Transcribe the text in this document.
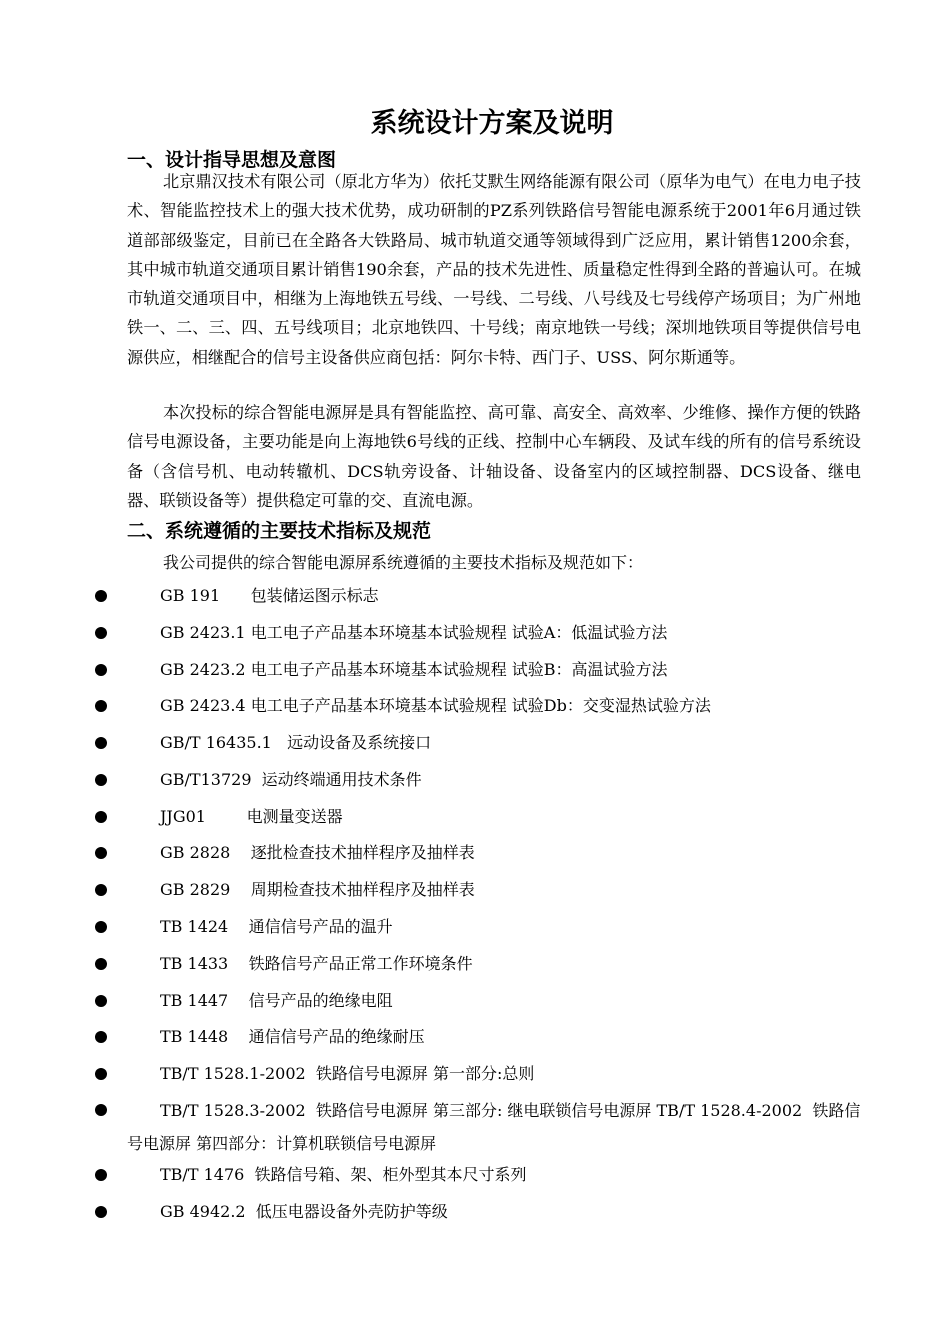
系统设计方案及说明
一、设计指导思想及意图

北京鼎汉技术有限公司（原北方华为）依托艾默生网络能源有限公司（原华为电气）在电力电子技术、智能监控技术上的强大技术优势，成功研制的PZ系列铁路信号智能电源系统于2001年6月通过铁道部部级鉴定，目前已在全路各大铁路局、城市轨道交通等领域得到广泛应用，累计销售1200余套，其中城市轨道交通项目累计销售190余套，产品的技术先进性、质量稳定性得到全路的普遍认可。在城市轨道交通项目中，相继为上海地铁五号线、一号线、二号线、八号线及七号线停产场项目；为广州地铁一、二、三、四、五号线项目；北京地铁四、十号线；南京地铁一号线；深圳地铁项目等提供信号电源供应，相继配合的信号主设备供应商包括：阿尔卡特、西门子、USS、阿尔斯通等。

本次投标的综合智能电源屏是具有智能监控、高可靠、高安全、高效率、少维修、操作方便的铁路信号电源设备，主要功能是向上海地铁6号线的正线、控制中心车辆段、及试车线的所有的信号系统设备（含信号机、电动转辙机、DCS轨旁设备、计轴设备、设备室内的区域控制器、DCS设备、继电器、联锁设备等）提供稳定可靠的交、直流电源。

二、系统遵循的主要技术指标及规范

我公司提供的综合智能电源屏系统遵循的主要技术指标及规范如下：

GB 191      包装储运图示标志
GB 2423.1 电工电子产品基本环境基本试验规程 试验A：低温试验方法
GB 2423.2 电工电子产品基本环境基本试验规程 试验B：高温试验方法
GB 2423.4 电工电子产品基本环境基本试验规程 试验Db：交变湿热试验方法
GB/T 16435.1   远动设备及系统接口
GB/T13729  运动终端通用技术条件
JJG01        电测量变送器
GB 2828    逐批检查技术抽样程序及抽样表
GB 2829    周期检查技术抽样程序及抽样表
TB 1424    通信信号产品的温升
TB 1433    铁路信号产品正常工作环境条件
TB 1447    信号产品的绝缘电阻
TB 1448    通信信号产品的绝缘耐压
TB/T 1528.1-2002  铁路信号电源屏 第一部分:总则
TB/T 1528.3-2002  铁路信号电源屏 第三部分: 继电联锁信号电源屏 TB/T 1528.4-2002  铁路信号电源屏 第四部分：计算机联锁信号电源屏
TB/T 1476  铁路信号箱、架、柜外型其本尺寸系列
GB 4942.2  低压电器设备外壳防护等级
